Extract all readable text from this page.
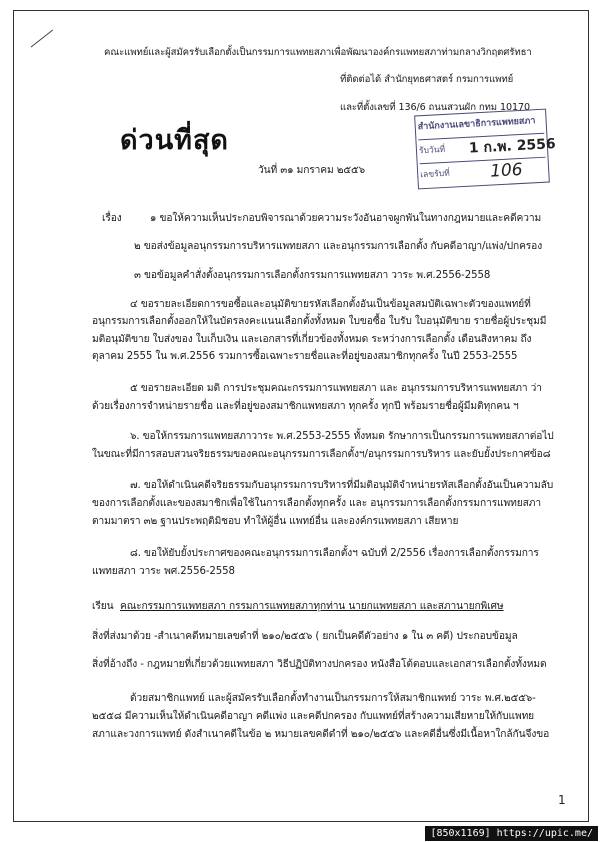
คณะแพทย์และผู้สมัครรับเลือกตั้งเป็นกรรมการแพทยสภาเพื่อพัฒนาองค์กรแพทยสภาท่ามกลางวิกฤตศรัทธา
ที่ติดต่อได้ สำนักยุทธศาสตร์ กรมการแพทย์
และที่ตั้งเลขที่ 136/6 ถนนสวนผัก กทม 10170
ด่วนที่สุด
วันที่ ๓๑ มกราคม ๒๕๕๖
สำนักงานเลขาธิการแพทยสภา
รับวันที่ 1 ก.พ. 2556
เลขรับที่ 106
เรื่อง	๑ ขอให้ความเห็นประกอบพิจารณาด้วยความระวังอันอาจผูกพันในทางกฎหมายและคดีความ
๒ ขอส่งข้อมูลอนุกรรมการบริหารแพทยสภา และอนุกรรมการเลือกตั้ง กับคดีอาญา/แพ่ง/ปกครอง
๓ ขอข้อมูลคำสั่งตั้งอนุกรรมการเลือกตั้งกรรมการแพทยสภา วาระ พ.ศ.2556-2558
๔ ขอรายละเอียดการขอซื้อและอนุมัติขายรหัสเลือกตั้งอันเป็นข้อมูลสมบัติเฉพาะตัวของแพทย์ที่
อนุกรรมการเลือกตั้งออกให้ในบัตรลงคะแนนเลือกตั้งทั้งหมด ใบขอซื้อ ใบรับ ใบอนุมัติขาย รายชื่อผู้ประชุมมี
มติอนุมัติขาย ใบส่งของ ใบเก็บเงิน และเอกสารที่เกี่ยวข้องทั้งหมด ระหว่างการเลือกตั้ง เดือนสิงหาคม ถึง
ตุลาคม 2555 ใน พ.ศ.2556 รวมการซื้อเฉพาะรายชื่อและที่อยู่ของสมาชิกทุกครั้ง ในปี 2553-2555
๕ ขอรายละเอียด มติ การประชุมคณะกรรมการแพทยสภา และ อนุกรรมการบริหารแพทยสภา ว่า
ด้วยเรื่องการจำหน่ายรายชื่อ และที่อยู่ของสมาชิกแพทยสภา ทุกครั้ง ทุกปี พร้อมรายชื่อผู้มีมติทุกคน ฯ
๖. ขอให้กรรมการแพทยสภาวาระ พ.ศ.2553-2555 ทั้งหมด รักษาการเป็นกรรมการแพทยสภาต่อไป
ในขณะที่มีการสอบสวนจริยธรรมของคณะอนุกรรมการเลือกตั้งฯ/อนุกรรมการบริหาร และยับยั้งประกาศข้อ๘
๗. ขอให้ดำเนินคดีจริยธรรมกับอนุกรรมการบริหารที่มีมติอนุมัติจำหน่ายรหัสเลือกตั้งอันเป็นความลับ
ของการเลือกตั้งและของสมาชิกเพื่อใช้ในการเลือกตั้งทุกครั้ง และ อนุกรรมการเลือกตั้งกรรมการแพทยสภา
ตามมาตรา ๓๒ ฐานประพฤติมิชอบ ทำให้ผู้อื่น แพทย์อื่น และองค์กรแพทยสภา เสียหาย
๘. ขอให้ยับยั้งประกาศของคณะอนุกรรมการเลือกตั้งฯ ฉบับที่ 2/2556 เรื่องการเลือกตั้งกรรมการ
แพทยสภา วาระ พศ.2556-2558
เรียน คณะกรรมการแพทยสภา กรรมการแพทยสภาทุกท่าน นายกแพทยสภา และสภานายกพิเศษ
สิ่งที่ส่งมาด้วย -สำเนาคดีหมายเลขดำที่ ๒๑๐/๒๕๕๖ ( ยกเป็นคดีตัวอย่าง ๑ ใน ๓ คดี) ประกอบข้อมูล
สิ่งที่อ้างถึง - กฎหมายที่เกี่ยวด้วยแพทยสภา วิธีปฏิบัติทางปกครอง หนังสือโต้ตอบและเอกสารเลือกตั้งทั้งหมด
ด้วยสมาชิกแพทย์ และผู้สมัครรับเลือกตั้งทำงานเป็นกรรมการให้สมาชิกแพทย์ วาระ พ.ศ.๒๕๕๖-
๒๕๕๘ มีความเห็นให้ดำเนินคดีอาญา คดีแพ่ง และคดีปกครอง กับแพทย์ที่สร้างความเสียหายให้กับแพทย
สภาและวงการแพทย์ ดังสำเนาคดีในข้อ ๒ หมายเลขคดีดำที่ ๒๑๐/๒๕๕๖ และคดีอื่นซึ่งมีเนื้อหาใกล้กันจึงขอ
1
[850x1169] https://upic.me/
